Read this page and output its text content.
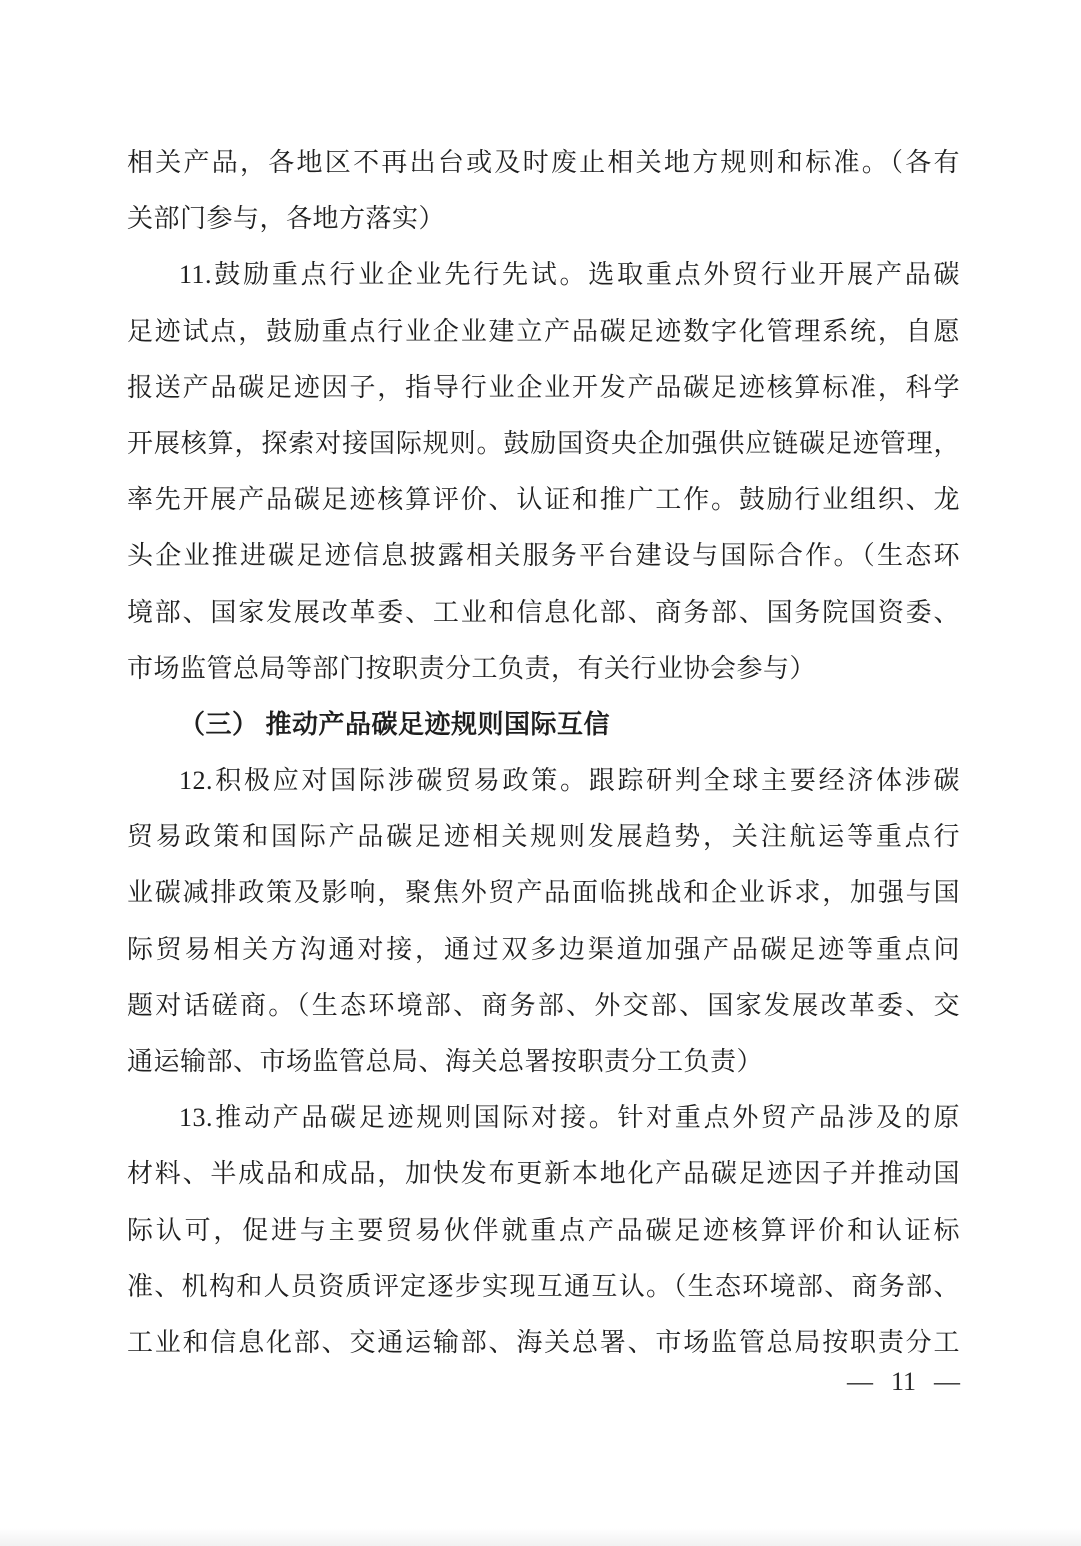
相关产品，各地区不再出台或及时废止相关地方规则和标准。（各有
关部门参与，各地方落实）
11.鼓励重点行业企业先行先试。选取重点外贸行业开展产品碳
足迹试点，鼓励重点行业企业建立产品碳足迹数字化管理系统，自愿
报送产品碳足迹因子，指导行业企业开发产品碳足迹核算标准，科学
开展核算，探索对接国际规则。鼓励国资央企加强供应链碳足迹管理，
率先开展产品碳足迹核算评价、认证和推广工作。鼓励行业组织、龙
头企业推进碳足迹信息披露相关服务平台建设与国际合作。（生态环
境部、国家发展改革委、工业和信息化部、商务部、国务院国资委、
市场监管总局等部门按职责分工负责，有关行业协会参与）
（三） 推动产品碳足迹规则国际互信
12.积极应对国际涉碳贸易政策。跟踪研判全球主要经济体涉碳
贸易政策和国际产品碳足迹相关规则发展趋势，关注航运等重点行
业碳减排政策及影响，聚焦外贸产品面临挑战和企业诉求，加强与国
际贸易相关方沟通对接，通过双多边渠道加强产品碳足迹等重点问
题对话磋商。（生态环境部、商务部、外交部、国家发展改革委、交
通运输部、市场监管总局、海关总署按职责分工负责）
13.推动产品碳足迹规则国际对接。针对重点外贸产品涉及的原
材料、半成品和成品，加快发布更新本地化产品碳足迹因子并推动国
际认可，促进与主要贸易伙伴就重点产品碳足迹核算评价和认证标
准、机构和人员资质评定逐步实现互通互认。（生态环境部、商务部、
工业和信息化部、交通运输部、海关总署、市场监管总局按职责分工
— 11 —
